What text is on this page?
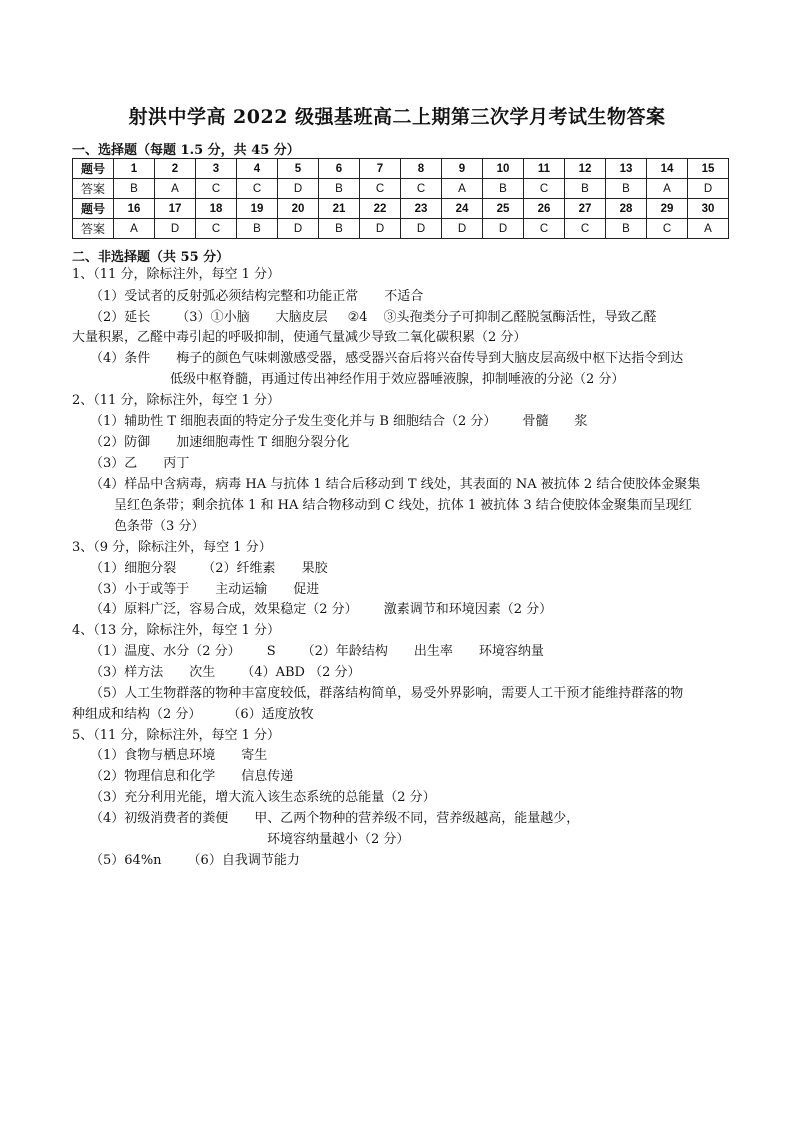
射洪中学高 2022 级强基班高二上期第三次学月考试生物答案
一、选择题（每题 1.5 分，共 45 分）
题号	1	2	3	4	5	6	7	8	9	10	11	12	13	14	15
答案	B	A	C	C	D	B	C	C	A	B	C	B	B	A	D
题号	16	17	18	19	20	21	22	23	24	25	26	27	28	29	30
答案	A	D	C	B	D	B	D	D	D	D	C	C	B	C	A
二、非选择题（共 55 分）
1、（11 分，除标注外，每空 1 分）
（1）受试者的反射弧必须结构完整和功能正常 不适合
（2）延长 （3）①小脑 大脑皮层 ②4 ③头孢类分子可抑制乙醛脱氢酶活性，导致乙醛
大量积累，乙醛中毒引起的呼吸抑制，使通气量减少导致二氧化碳积累（2 分）
（4）条件 梅子的颜色气味刺激感受器，感受器兴奋后将兴奋传导到大脑皮层高级中枢下达指令到达
低级中枢脊髓，再通过传出神经作用于效应器唾液腺，抑制唾液的分泌（2 分）
2、（11 分，除标注外，每空 1 分）
（1）辅助性 T 细胞表面的特定分子发生变化并与 B 细胞结合（2 分） 骨髓 浆
（2）防御 加速细胞毒性 T 细胞分裂分化
（3）乙 丙丁
（4）样品中含病毒，病毒 HA 与抗体 1 结合后移动到 T 线处，其表面的 NA 被抗体 2 结合使胶体金聚集
呈红色条带；剩余抗体 1 和 HA 结合物移动到 C 线处，抗体 1 被抗体 3 结合使胶体金聚集而呈现红
色条带（3 分）
3、（9 分，除标注外，每空 1 分）
（1）细胞分裂 （2）纤维素 果胶
（3）小于或等于 主动运输 促进
（4）原料广泛，容易合成，效果稳定（2 分） 激素调节和环境因素（2 分）
4、（13 分，除标注外，每空 1 分）
（1）温度、水分（2 分） S （2）年龄结构 出生率 环境容纳量
（3）样方法 次生 （4）ABD （2 分）
（5）人工生物群落的物种丰富度较低，群落结构简单，易受外界影响，需要人工干预才能维持群落的物
种组成和结构（2 分） （6）适度放牧
5、（11 分，除标注外，每空 1 分）
（1）食物与栖息环境 寄生
（2）物理信息和化学 信息传递
（3）充分利用光能，增大流入该生态系统的总能量（2 分）
（4）初级消费者的粪便 甲、乙两个物种的营养级不同，营养级越高，能量越少，
环境容纳量越小（2 分）
（5）64%n （6）自我调节能力
